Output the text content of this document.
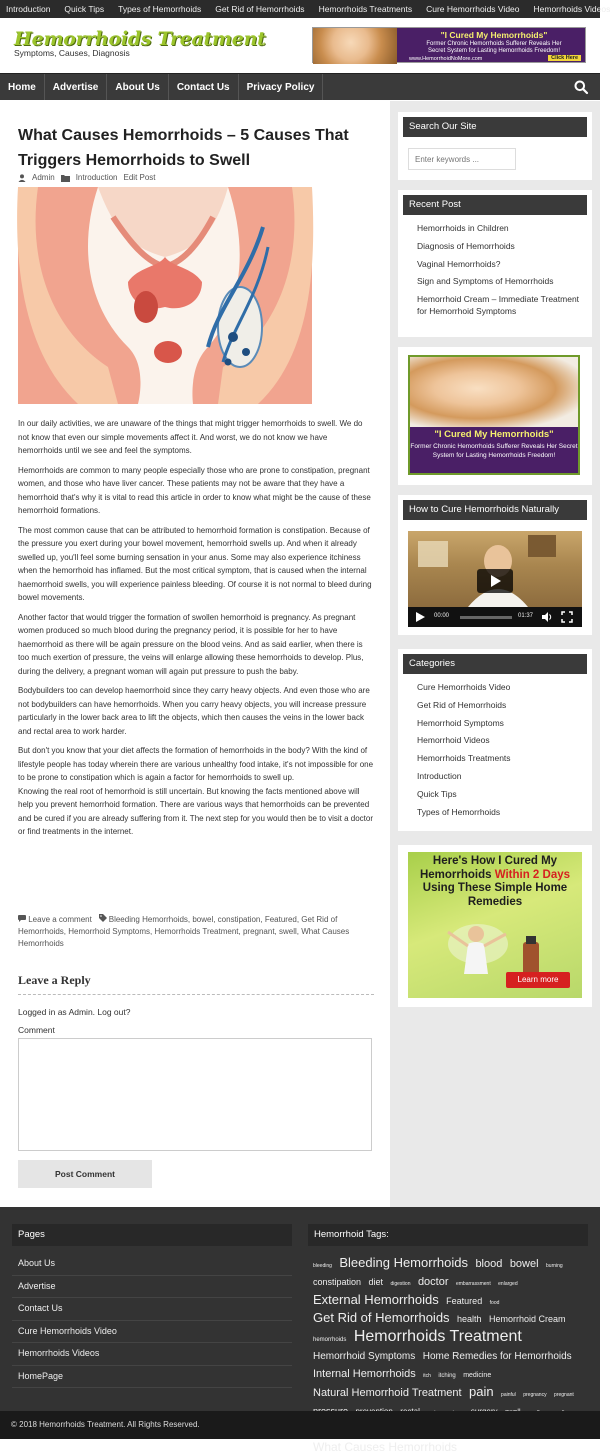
Introduction Quick Tips Types of Hemorrhoids Get Rid of Hemorrhoids Hemorrhoids Treatments Cure Hemorrhoids Video Hemorrhoids Videos
Hemorrhoids Treatment
Symptoms, Causes, Diagnosis
"I Cured My Hemorrhoids"
Former Chronic Hemorrhoids Sufferer Reveals Her
Secret System for Lasting Hemorrhoids Freedom!
www.HemorrhoidNoMore.com	Click Here
Home	Advertise	About Us	Contact Us	Privacy Policy
What Causes Hemorrhoids – 5 Causes That Triggers Hemorrhoids to Swell
Admin	Introduction Edit Post

In our daily activities, we are unaware of the things that might trigger hemorrhoids to swell. We do not know that even our simple movements affect it. And worst, we do not know we have hemorrhoids until we see and feel the symptoms.

Hemorrhoids are common to many people especially those who are prone to constipation, pregnant women, and those who have liver cancer. These patients may not be aware that they have a hemorrhoid that's why it is vital to read this article in order to know what might be the cause of these hemorrhoid formations.

The most common cause that can be attributed to hemorrhoid formation is constipation. Because of the pressure you exert during your bowel movement, hemorrhoid swells up. And when it already swelled up, you'll feel some burning sensation in your anus. Some may also experience itchiness when the hemorrhoid has inflamed. But the most critical symptom, that is caused when the internal haemorrhoid swells, you will experience painless bleeding. Of course it is not normal to bleed during bowel movements.

Another factor that would trigger the formation of swollen hemorrhoid is pregnancy. As pregnant women produced so much blood during the pregnancy period, it is possible for her to have haemorrhoid as there will be again pressure on the blood veins. And as said earlier, when there is too much exertion of pressure, the veins will enlarge allowing these hemorrhoids to develop. Plus, during the delivery, a pregnant woman will again put pressure to push the baby.

Bodybuilders too can develop haemorrhoid since they carry heavy objects. And even those who are not bodybuilders can have hemorrhoids. When you carry heavy objects, you will increase pressure particularly in the lower back area to lift the objects, which then causes the veins in the lower back and rectal area to work harder.

But don't you know that your diet affects the formation of hemorrhoids in the body? With the kind of lifestyle people has today wherein there are various unhealthy food intake, it's not impossible for one to be prone to constipation which is again a factor for hemorrhoids to swell up.

Knowing the real root of hemorrhoid is still uncertain. But knowing the facts mentioned above will help you prevent hemorrhoid formation. There are various ways that hemorrhoids can be prevented and be cured if you are already suffering from it. The next step for you would then be to visit a doctor or find treatments in the internet.

Leave a comment Bleeding Hemorrhoids, bowel, constipation, Featured, Get Rid of Hemorrhoids, Hemorrhoid Symptoms, Hemorrhoids Treatment, pregnant, swell, What Causes Hemorrhoids
Leave a Reply
Logged in as Admin. Log out?
Comment
Post Comment
Search Our Site
Enter keywords ...
Recent Post
Hemorrhoids in Children
Diagnosis of Hemorrhoids
Vaginal Hemorrhoids?
Sign and Symptoms of Hemorrhoids
Hemorrhoid Cream – Immediate Treatment for Hemorrhoid Symptoms
"I Cured My Hemorrhoids"
Former Chronic Hemorrhoids Sufferer Reveals Her Secret System for Lasting Hemorrhoids Freedom!
How to Cure Hemorrhoids Naturally
00:00	01:37
Categories
Cure Hemorrhoids Video
Get Rid of Hemorrhoids
Hemorrhoid Symptoms
Hemorrhoid Videos
Hemorrhoids Treatments
Introduction
Quick Tips
Types of Hemorrhoids
Here's How I Cured My
Hemorrhoids Within 2 Days
Using These Simple Home
Remedies
Learn more
Pages
About Us
Advertise
Contact Us
Cure Hemorrhoids Video
Hemorrhoids Videos
HomePage
Hemorrhoid Tags:
bleeding Bleeding Hemorrhoids blood bowel burning constipation diet digestion doctor embarrassment enlarged External Hemorrhoids Featured food Get Rid of Hemorrhoids health Hemorrhoid Cream hemorrhoids Hemorrhoids Treatment Hemorrhoid Symptoms Home Remedies for Hemorrhoids Internal Hemorrhoids itch itching medicine Natural Hemorrhoid Treatment pain painful pregnancy pregnant What Causes Hemorrhoids
© 2018 Hemorrhoids Treatment. All Rights Reserved.
